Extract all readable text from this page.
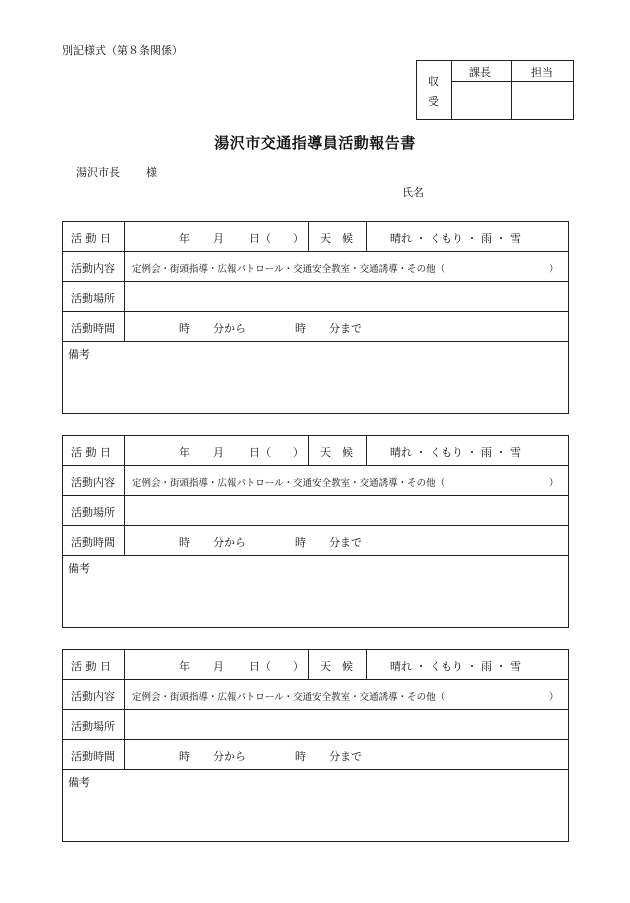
別記様式（第８条関係）
収
受
課長	担当
湯沢市交通指導員活動報告書
湯沢市長 様
氏名
活 動 日	年 月 日（　　） 天　候	晴れ ・ くもり ・ 雨 ・ 雪
活動内容 定例会・街頭指導・広報パトロール・交通安全教室・交通誘導・その他（	）
活動場所
活動時間	時 分から	時 分まで
備考
活 動 日	年 月 日（　　） 天　候	晴れ ・ くもり ・ 雨 ・ 雪
活動内容 定例会・街頭指導・広報パトロール・交通安全教室・交通誘導・その他（	）
活動場所
活動時間	時 分から	時 分まで
備考
活 動 日	年 月 日（　　） 天　候	晴れ ・ くもり ・ 雨 ・ 雪
活動内容 定例会・街頭指導・広報パトロール・交通安全教室・交通誘導・その他（	）
活動場所
活動時間	時 分から	時 分まで
備考
